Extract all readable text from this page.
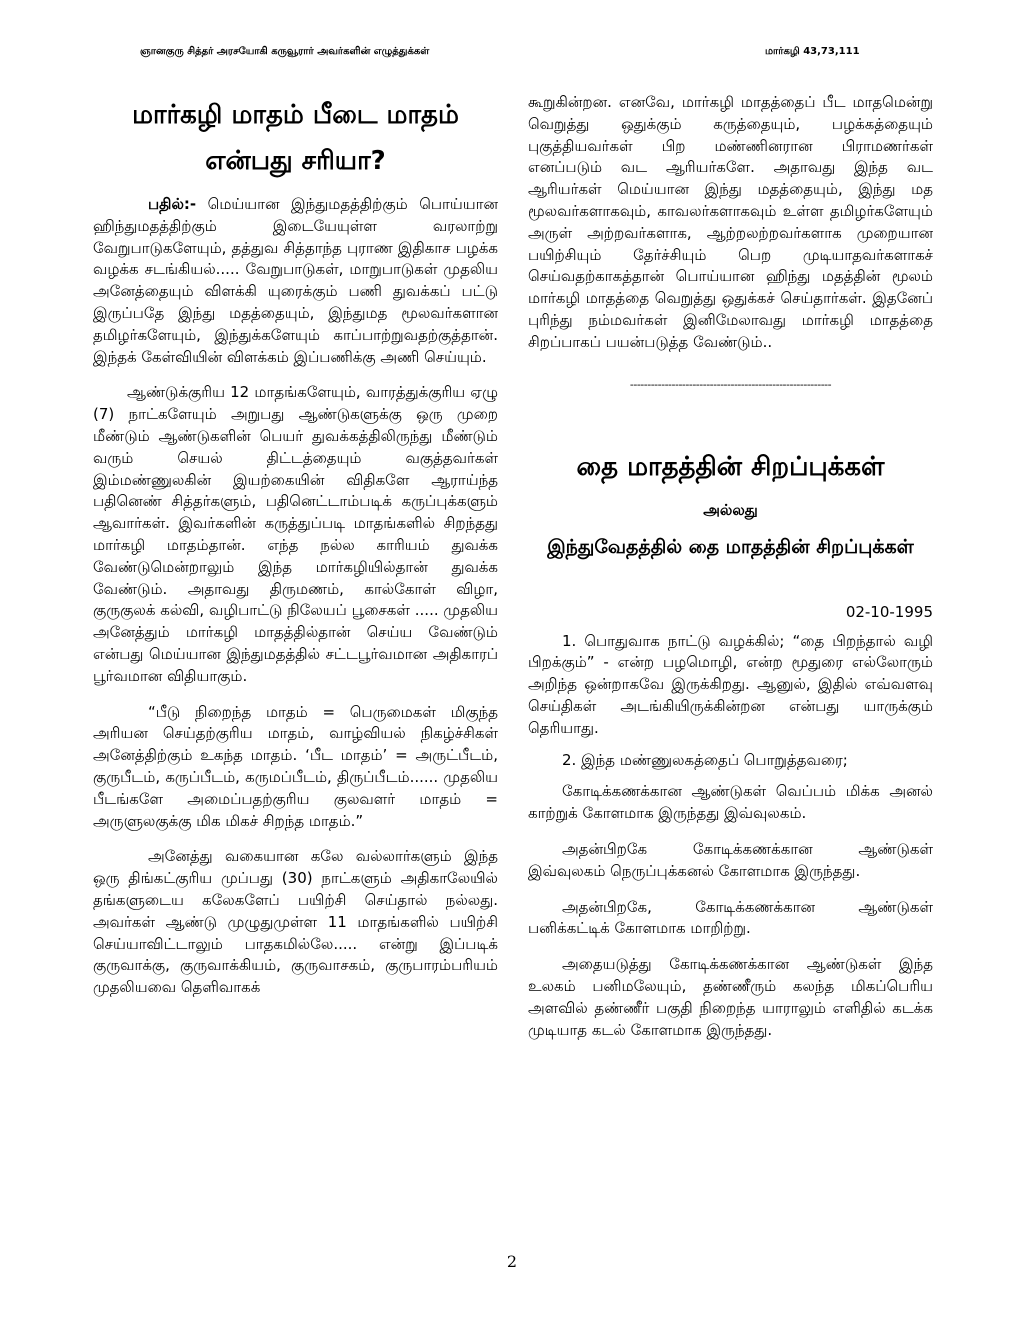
ஞானகுரு சித்தர் அரசயோகி கருவூரார் அவர்களின் எழுத்துக்கள்	மார்கழி 43,73,111
மார்கழி மாதம் பீடை மாதம்
என்பது சரியா?

பதில்:- மெய்யான இந்துமதத்திற்கும் பொய்யான ஹிந்துமதத்திற்கும் இடையேயுள்ள வரலாற்று வேறுபாடுகளேயும், தத்துவ சித்தாந்த புராண இதிகாச பழக்க வழக்க சடங்கியல்..... வேறுபாடுகள், மாறுபாடுகள் முதலிய அனேத்தையும் விளக்கி யுரைக்கும் பணி துவக்கப் பட்டு இருப்பதே இந்து மதத்தையும், இந்துமத மூலவர்களான தமிழர்களேயும், இந்துக்களேயும் காப்பாற்றுவதற்குத்தான். இந்தக் கேள்வியின் விளக்கம் இப்பணிக்கு அணி செய்யும்.

ஆண்டுக்குரிய 12 மாதங்களேயும், வாரத்துக்குரிய ஏழு (7) நாட்களேயும் அறுபது ஆண்டுகளுக்கு ஒரு முறை மீண்டும் ஆண்டுகளின் பெயர் துவக்கத்திலிருந்து மீண்டும் வரும் செயல் திட்டத்தையும் வகுத்தவர்கள் இம்மண்ணுலகின் இயற்கையின் விதிகளே ஆராய்ந்த பதினெண் சித்தர்களும், பதினெட்டாம்படிக் கருப்புக்களும் ஆவார்கள். இவர்களின் கருத்துப்படி மாதங்களில் சிறந்தது மார்கழி மாதம்தான். எந்த நல்ல காரியம் துவக்க வேண்டுமென்றாலும் இந்த மார்கழியில்தான் துவக்க வேண்டும். அதாவது திருமணம், கால்கோள் விழா, குருகுலக் கல்வி, வழிபாட்டு நிலேயப் பூசைகள் ..... முதலிய அனேத்தும் மார்கழி மாதத்தில்தான் செய்ய வேண்டும் என்பது மெய்யான இந்துமதத்தில் சட்டபூர்வமான அதிகாரப் பூர்வமான விதியாகும்.

“பீடு நிறைந்த மாதம் = பெருமைகள் மிகுந்த அரியன செய்தற்குரிய மாதம், வாழ்வியல் நிகழ்ச்சிகள் அனேத்திற்கும் உகந்த மாதம். ‘பீட மாதம்’ = அருட்பீடம், குருபீடம், கருப்பீடம், கருமப்பீடம், திருப்பீடம்...... முதலிய பீடங்களே அமைப்பதற்குரிய குலவளர் மாதம் = அருளுலகுக்கு மிக மிகச் சிறந்த மாதம்.”

அனேத்து வகையான கலே வல்லார்களும் இந்த ஒரு திங்கட்குரிய முப்பது (30) நாட்களும் அதிகாலேயில் தங்களுடைய கலேகளேப் பயிற்சி செய்தால் நல்லது. அவர்கள் ஆண்டு முழுதுமுள்ள 11 மாதங்களில் பயிற்சி செய்யாவிட்டாலும் பாதகமில்லே..... என்று இப்படிக் குருவாக்கு, குருவாக்கியம், குருவாசகம், குருபாரம்பரியம் முதலியவை தெளிவாகக்

கூறுகின்றன. எனவே, மார்கழி மாதத்தைப் பீட மாதமென்று வெறுத்து ஒதுக்கும் கருத்தையும், பழக்கத்தையும் புகுத்தியவர்கள் பிற மண்ணினரான பிராமணர்கள் எனப்படும் வட ஆரியர்களே. அதாவது இந்த வட ஆரியர்கள் மெய்யான இந்து மதத்தையும், இந்து மத மூலவர்களாகவும், காவலர்களாகவும் உள்ள தமிழர்களேயும் அருள் அற்றவர்களாக, ஆற்றலற்றவர்களாக முறையான பயிற்சியும் தேர்ச்சியும் பெற முடியாதவர்களாகச் செய்வதற்காகத்தான் பொய்யான ஹிந்து மதத்தின் மூலம் மார்கழி மாதத்தை வெறுத்து ஒதுக்கச் செய்தார்கள். இதனேப் புரிந்து நம்மவர்கள் இனிமேலாவது மார்கழி மாதத்தை சிறப்பாகப் பயன்படுத்த வேண்டும்..

----------------------------------------------------------
தை மாதத்தின் சிறப்புக்கள்
அல்லது
இந்துவேதத்தில் தை மாதத்தின் சிறப்புக்கள்
02-10-1995

1. பொதுவாக நாட்டு வழக்கில்; “தை பிறந்தால் வழி பிறக்கும்” - என்ற பழமொழி, என்ற மூதுரை எல்லோரும் அறிந்த ஒன்றாகவே இருக்கிறது. ஆனுல், இதில் எவ்வளவு செய்திகள் அடங்கியிருக்கின்றன என்பது யாருக்கும் தெரியாது.

2. இந்த மண்ணுலகத்தைப் பொறுத்தவரை;

கோடிக்கணக்கான ஆண்டுகள் வெப்பம் மிக்க அனல் காற்றுக் கோளமாக இருந்தது இவ்வுலகம்.

அதன்பிறகே கோடிக்கணக்கான ஆண்டுகள் இவ்வுலகம் நெருப்புக்கனல் கோளமாக இருந்தது.

அதன்பிறகே, கோடிக்கணக்கான ஆண்டுகள் பனிக்கட்டிக் கோளமாக மாறிற்று.

அதையடுத்து கோடிக்கணக்கான ஆண்டுகள் இந்த உலகம் பனிமலேயும், தண்ணீரும் கலந்த மிகப்பெரிய அளவில் தண்ணீர் பகுதி நிறைந்த யாராலும் எளிதில் கடக்க முடியாத கடல் கோளமாக இருந்தது.

2
